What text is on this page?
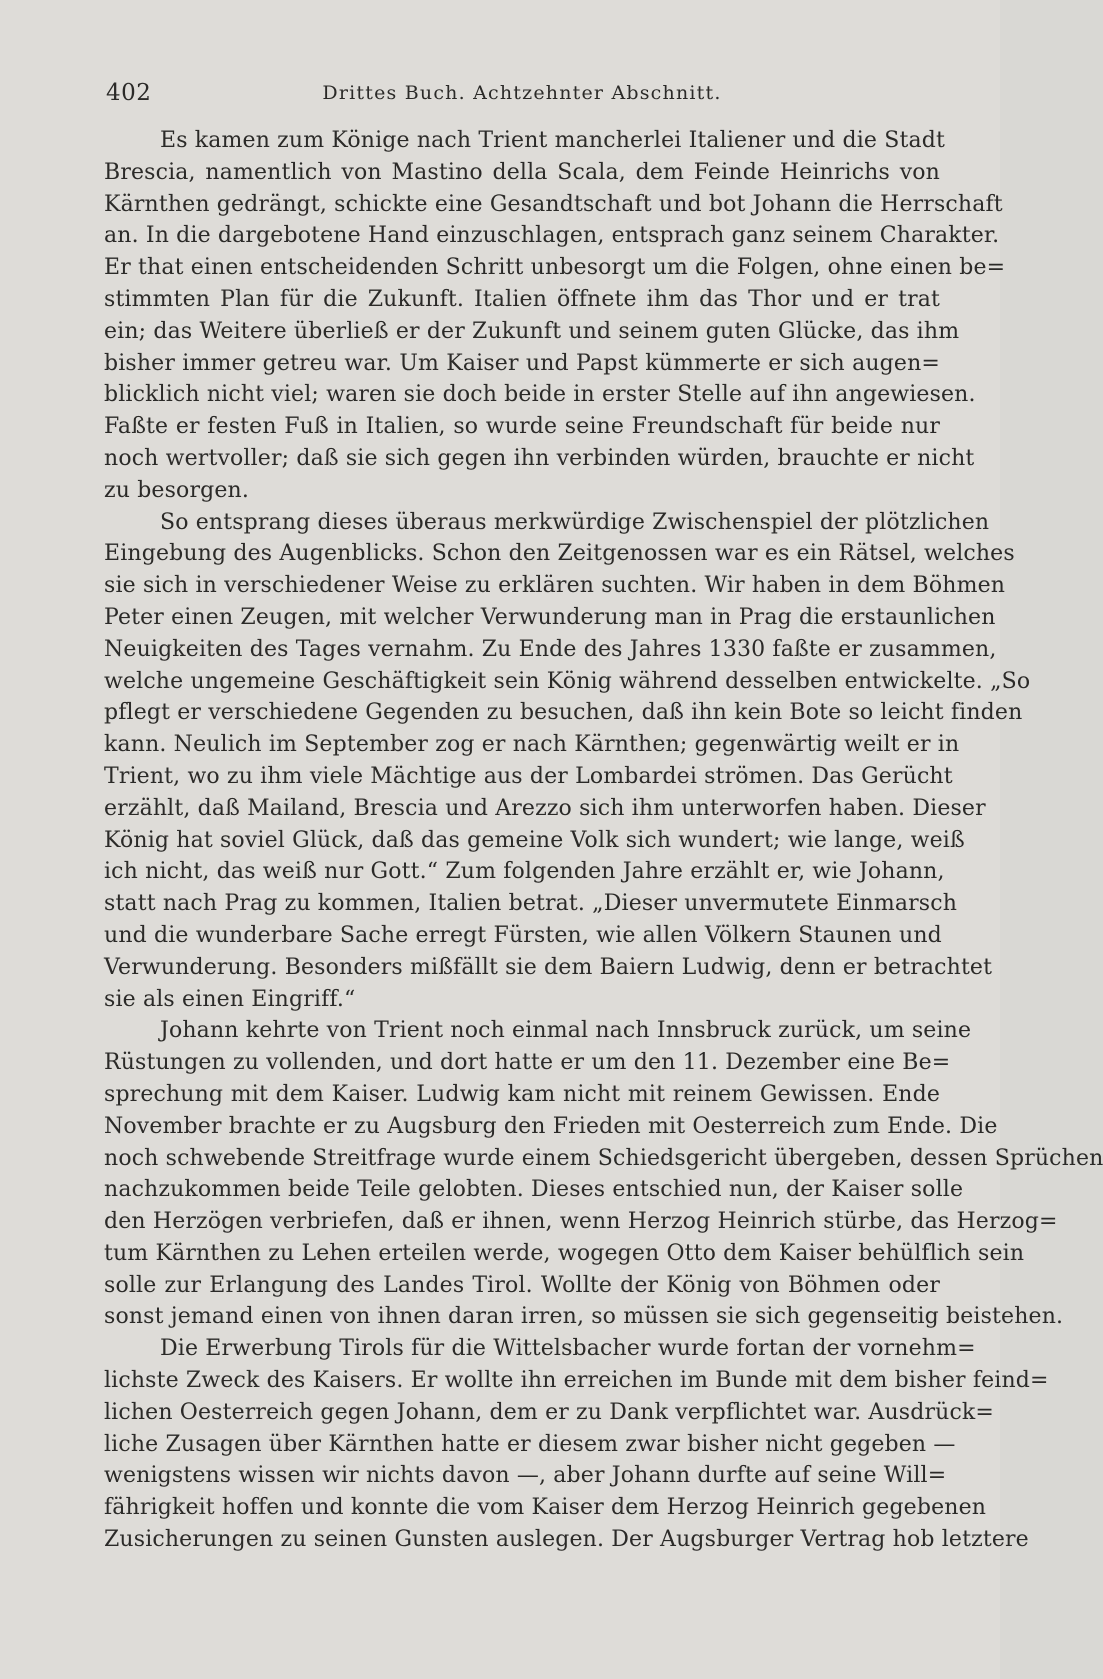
402	Drittes Buch. Achtzehnter Abschnitt.

Es kamen zum Könige nach Trient mancherlei Italiener und die Stadt
Brescia, namentlich von Mastino della Scala, dem Feinde Heinrichs von
Kärnthen gedrängt, schickte eine Gesandtschaft und bot Johann die Herrschaft
an. In die dargebotene Hand einzuschlagen, entsprach ganz seinem Charakter.
Er that einen entscheidenden Schritt unbesorgt um die Folgen, ohne einen be=
stimmten Plan für die Zukunft. Italien öffnete ihm das Thor und er trat
ein; das Weitere überließ er der Zukunft und seinem guten Glücke, das ihm
bisher immer getreu war. Um Kaiser und Papst kümmerte er sich augen=
blicklich nicht viel; waren sie doch beide in erster Stelle auf ihn angewiesen.
Faßte er festen Fuß in Italien, so wurde seine Freundschaft für beide nur
noch wertvoller; daß sie sich gegen ihn verbinden würden, brauchte er nicht
zu besorgen.

So entsprang dieses überaus merkwürdige Zwischenspiel der plötzlichen
Eingebung des Augenblicks. Schon den Zeitgenossen war es ein Rätsel, welches
sie sich in verschiedener Weise zu erklären suchten. Wir haben in dem Böhmen
Peter einen Zeugen, mit welcher Verwunderung man in Prag die erstaunlichen
Neuigkeiten des Tages vernahm. Zu Ende des Jahres 1330 faßte er zusammen,
welche ungemeine Geschäftigkeit sein König während desselben entwickelte. „So
pflegt er verschiedene Gegenden zu besuchen, daß ihn kein Bote so leicht finden
kann. Neulich im September zog er nach Kärnthen; gegenwärtig weilt er in
Trient, wo zu ihm viele Mächtige aus der Lombardei strömen. Das Gerücht
erzählt, daß Mailand, Brescia und Arezzo sich ihm unterworfen haben. Dieser
König hat soviel Glück, daß das gemeine Volk sich wundert; wie lange, weiß
ich nicht, das weiß nur Gott.“ Zum folgenden Jahre erzählt er, wie Johann,
statt nach Prag zu kommen, Italien betrat. „Dieser unvermutete Einmarsch
und die wunderbare Sache erregt Fürsten, wie allen Völkern Staunen und
Verwunderung. Besonders mißfällt sie dem Baiern Ludwig, denn er betrachtet
sie als einen Eingriff.“

Johann kehrte von Trient noch einmal nach Innsbruck zurück, um seine
Rüstungen zu vollenden, und dort hatte er um den 11. Dezember eine Be=
sprechung mit dem Kaiser. Ludwig kam nicht mit reinem Gewissen. Ende
November brachte er zu Augsburg den Frieden mit Oesterreich zum Ende. Die
noch schwebende Streitfrage wurde einem Schiedsgericht übergeben, dessen Sprüchen
nachzukommen beide Teile gelobten. Dieses entschied nun, der Kaiser solle
den Herzögen verbriefen, daß er ihnen, wenn Herzog Heinrich stürbe, das Herzog=
tum Kärnthen zu Lehen erteilen werde, wogegen Otto dem Kaiser behülflich sein
solle zur Erlangung des Landes Tirol. Wollte der König von Böhmen oder
sonst jemand einen von ihnen daran irren, so müssen sie sich gegenseitig beistehen.

Die Erwerbung Tirols für die Wittelsbacher wurde fortan der vornehm=
lichste Zweck des Kaisers. Er wollte ihn erreichen im Bunde mit dem bisher feind=
lichen Oesterreich gegen Johann, dem er zu Dank verpflichtet war. Ausdrück=
liche Zusagen über Kärnthen hatte er diesem zwar bisher nicht gegeben —
wenigstens wissen wir nichts davon —, aber Johann durfte auf seine Will=
fährigkeit hoffen und konnte die vom Kaiser dem Herzog Heinrich gegebenen
Zusicherungen zu seinen Gunsten auslegen. Der Augsburger Vertrag hob letztere
